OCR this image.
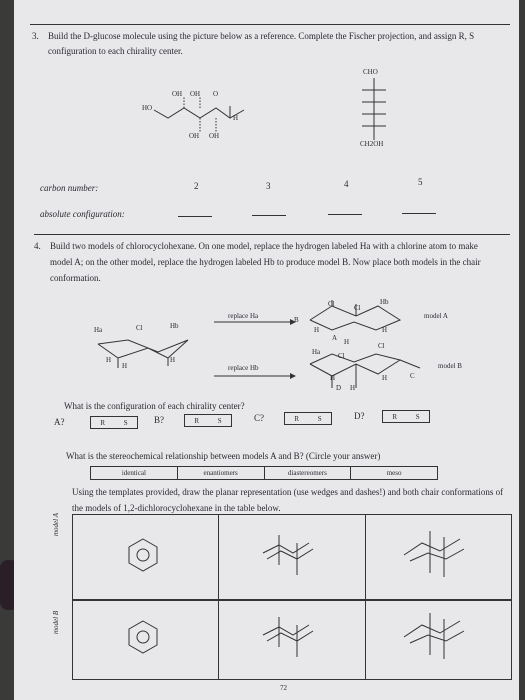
3. Build the D-glucose molecule using the picture below as a reference. Complete the Fischer projection, and assign R, S
configuration to each chirality center.
OH OH O
HO
H
OH OH
CHO
CH2OH
carbon number:	2	3	4	5
absolute configuration:
4. Build two models of chlorocyclohexane. On one model, replace the hydrogen labeled Ha with a chlorine atom to make
model A; on the other model, replace the hydrogen labeled Hb to produce model B. Now place both models in the chair
conformation.
Ha	Cl	Hb
H
H
H
replace Ha
replace Hb
B
Cl	Cl
Hb
H
A H
H
model A
Ha	Cl
Cl
H
D H
H	C
model B
What is the configuration of each chirality center?
A?	R	S	B?	R	S	C?	R	S	D?	R	S
What is the stereochemical relationship between models A and B? (Circle your answer)
identical	enantiomers	diastereomers	meso
Using the templates provided, draw the planar representation (use wedges and dashes!) and both chair conformations of
the models of 1,2-dichlorocyclohexane in the table below.
model A
model B
72
